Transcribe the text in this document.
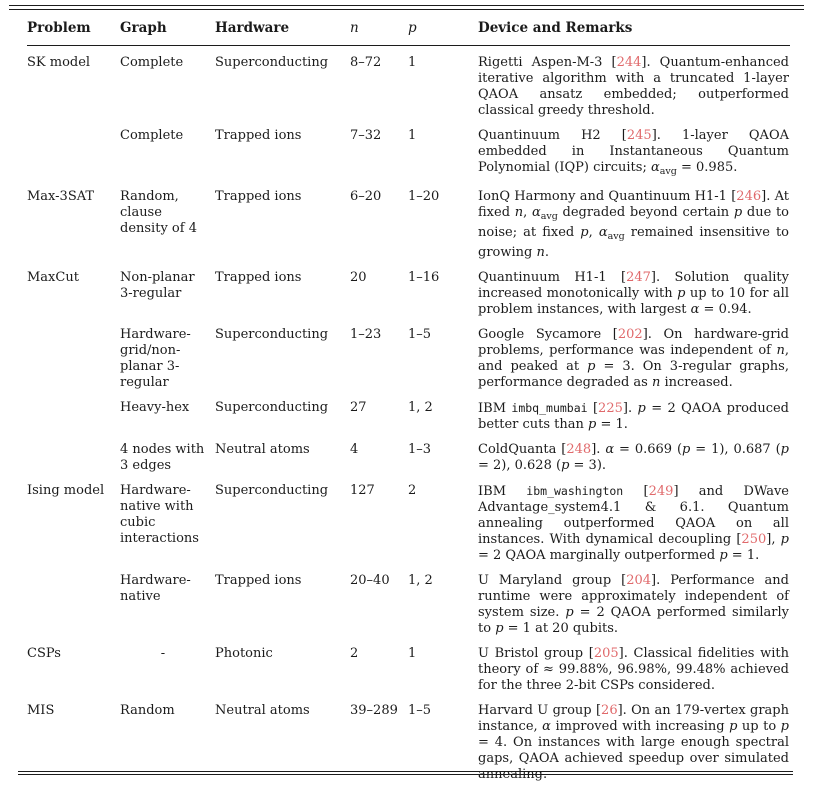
Problem	Graph	Hardware	n	p	Device and Remarks
SK model	Complete	Superconducting	8–72	1	Rigetti Aspen-M-3 [244]. Quantum-enhanced iterative algorithm with a truncated 1-layer QAOA ansatz embedded; outperformed classical greedy threshold.
	Complete	Trapped ions	7–32	1	Quantinuum H2 [245]. 1-layer QAOA embedded in Instantaneous Quantum Polynomial (IQP) circuits; $\alpha_{avg} = 0.985$.
Max-3SAT	Random, clause density of 4	Trapped ions	6–20	1–20	IonQ Harmony and Quantinuum H1-1 [246]. At fixed n, $\alpha_{avg}$ degraded beyond certain p due to noise; at fixed p, $\alpha_{avg}$ remained insensitive to growing n.
MaxCut	Non-planar 3-regular	Trapped ions	20	1–16	Quantinuum H1-1 [247]. Solution quality increased monotonically with p up to 10 for all problem instances, with largest α = 0.94.
	Hardware-grid/non-planar 3-regular	Superconducting	1–23	1–5	Google Sycamore [202]. On hardware-grid problems, performance was independent of n, and peaked at p = 3. On 3-regular graphs, performance degraded as n increased.
	Heavy-hex	Superconducting	27	1, 2	IBM imbq_mumbai [225]. p = 2 QAOA produced better cuts than p = 1.
	4 nodes with 3 edges	Neutral atoms	4	1–3	ColdQuanta [248]. α = 0.669 (p = 1), 0.687 (p = 2), 0.628 (p = 3).
Ising model	Hardware-native with cubic interactions	Superconducting	127	2	IBM ibm_washington [249] and DWave Advantage_system4.1 & 6.1. Quantum annealing outperformed QAOA on all instances. With dynamical decoupling [250], p = 2 QAOA marginally outperformed p = 1.
	Hardware-native	Trapped ions	20–40	1, 2	U Maryland group [204]. Performance and runtime were approximately independent of system size. p = 2 QAOA performed similarly to p = 1 at 20 qubits.
CSPs	-	Photonic	2	1	U Bristol group [205]. Classical fidelities with theory of ≈ 99.88%, 96.98%, 99.48% achieved for the three 2-bit CSPs considered.
MIS	Random	Neutral atoms	39–289	1–5	Harvard U group [26]. On an 179-vertex graph instance, α improved with increasing p up to p = 4. On instances with large enough spectral gaps, QAOA achieved speedup over simulated annealing.
